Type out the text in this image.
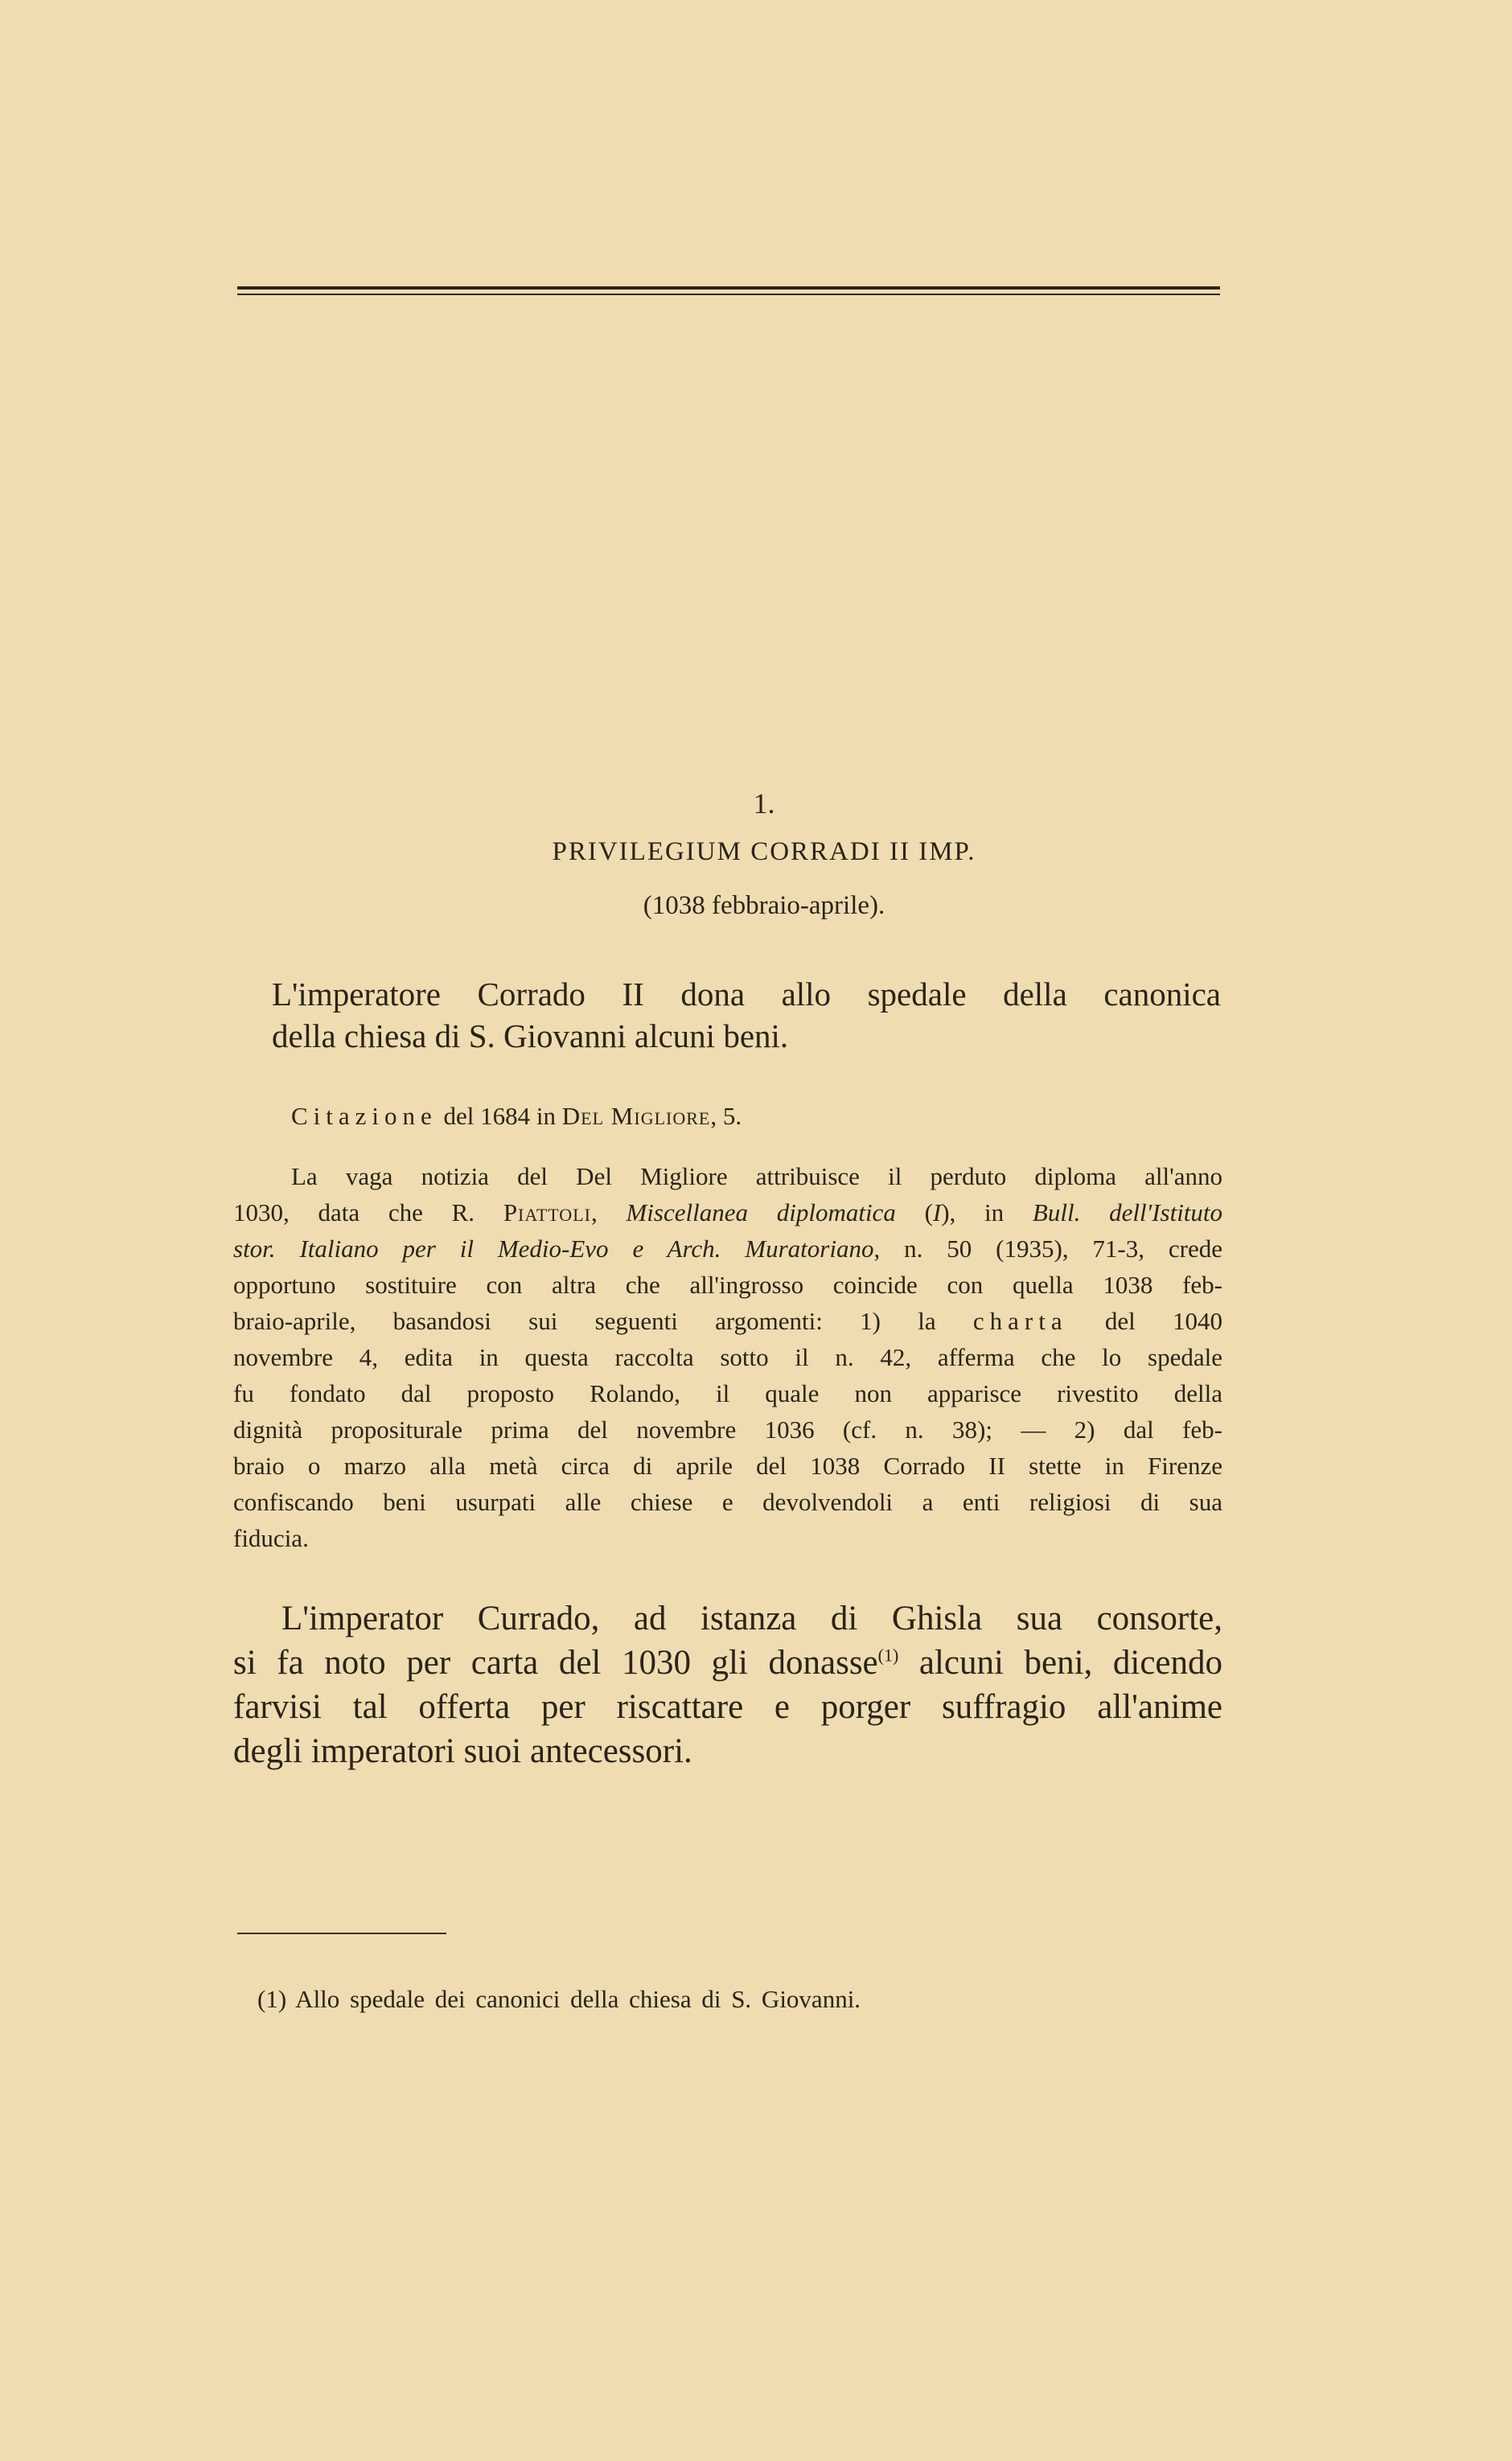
1.
PRIVILEGIUM CORRADI II IMP.
(1038 febbraio-aprile).
L'imperatore Corrado II dona allo spedale della canonica
della chiesa di S. Giovanni alcuni beni.
Citazione del 1684 in Del Migliore, 5.

La vaga notizia del Del Migliore attribuisce il perduto diploma all'anno

1030, data che R. Piattoli, Miscellanea diplomatica (I), in Bull. dell'Istituto

stor. Italiano per il Medio-Evo e Arch. Muratoriano, n. 50 (1935), 71-3, crede

opportuno sostituire con altra che all'ingrosso coincide con quella 1038 feb-

braio-aprile, basandosi sui seguenti argomenti: 1) la charta del 1040

novembre 4, edita in questa raccolta sotto il n. 42, afferma che lo spedale

fu fondato dal proposto Rolando, il quale non apparisce rivestito della

dignità propositurale prima del novembre 1036 (cf. n. 38); — 2) dal feb-

braio o marzo alla metà circa di aprile del 1038 Corrado II stette in Firenze

confiscando beni usurpati alle chiese e devolvendoli a enti religiosi di sua

fiducia.

L'imperator Currado, ad istanza di Ghisla sua consorte,
si fa noto per carta del 1030 gli donasse$^{(1)}$ alcuni beni, dicendo
farvisi tal offerta per riscattare e porger suffragio all'anime
degli imperatori suoi antecessori.
(1) Allo spedale dei canonici della chiesa di S. Giovanni.
